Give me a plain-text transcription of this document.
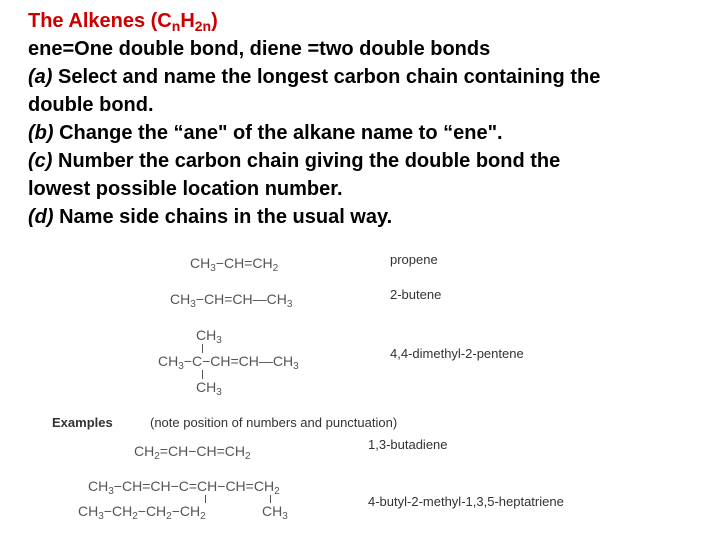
The Alkenes $(C_nH_{2n})$

ene=One double bond, diene =two double bonds

(a) Select and name the longest carbon chain containing the

double bond.

(b) Change the “ane" of the alkane name to “ene".

(c) Number the carbon chain giving the double bond the

lowest possible location number.

(d) Name side chains in the usual way.

$CH_3-CH=CH_2$

propene

$CH_3-CH=CH—CH_3$

2-butene

$CH_3$

$CH_3-C-CH=CH—CH_3$

$CH_3$

4,4-dimethyl-2-pentene

Examples	(note position of numbers and punctuation)

$CH_2=CH-CH=CH_2$

1,3-butadiene

$CH_3-CH=CH-C=CH-CH=CH_2$

$CH_3-CH_2-CH_2-CH_2$	$CH_3$

4-butyl-2-methyl-1,3,5-heptatriene
